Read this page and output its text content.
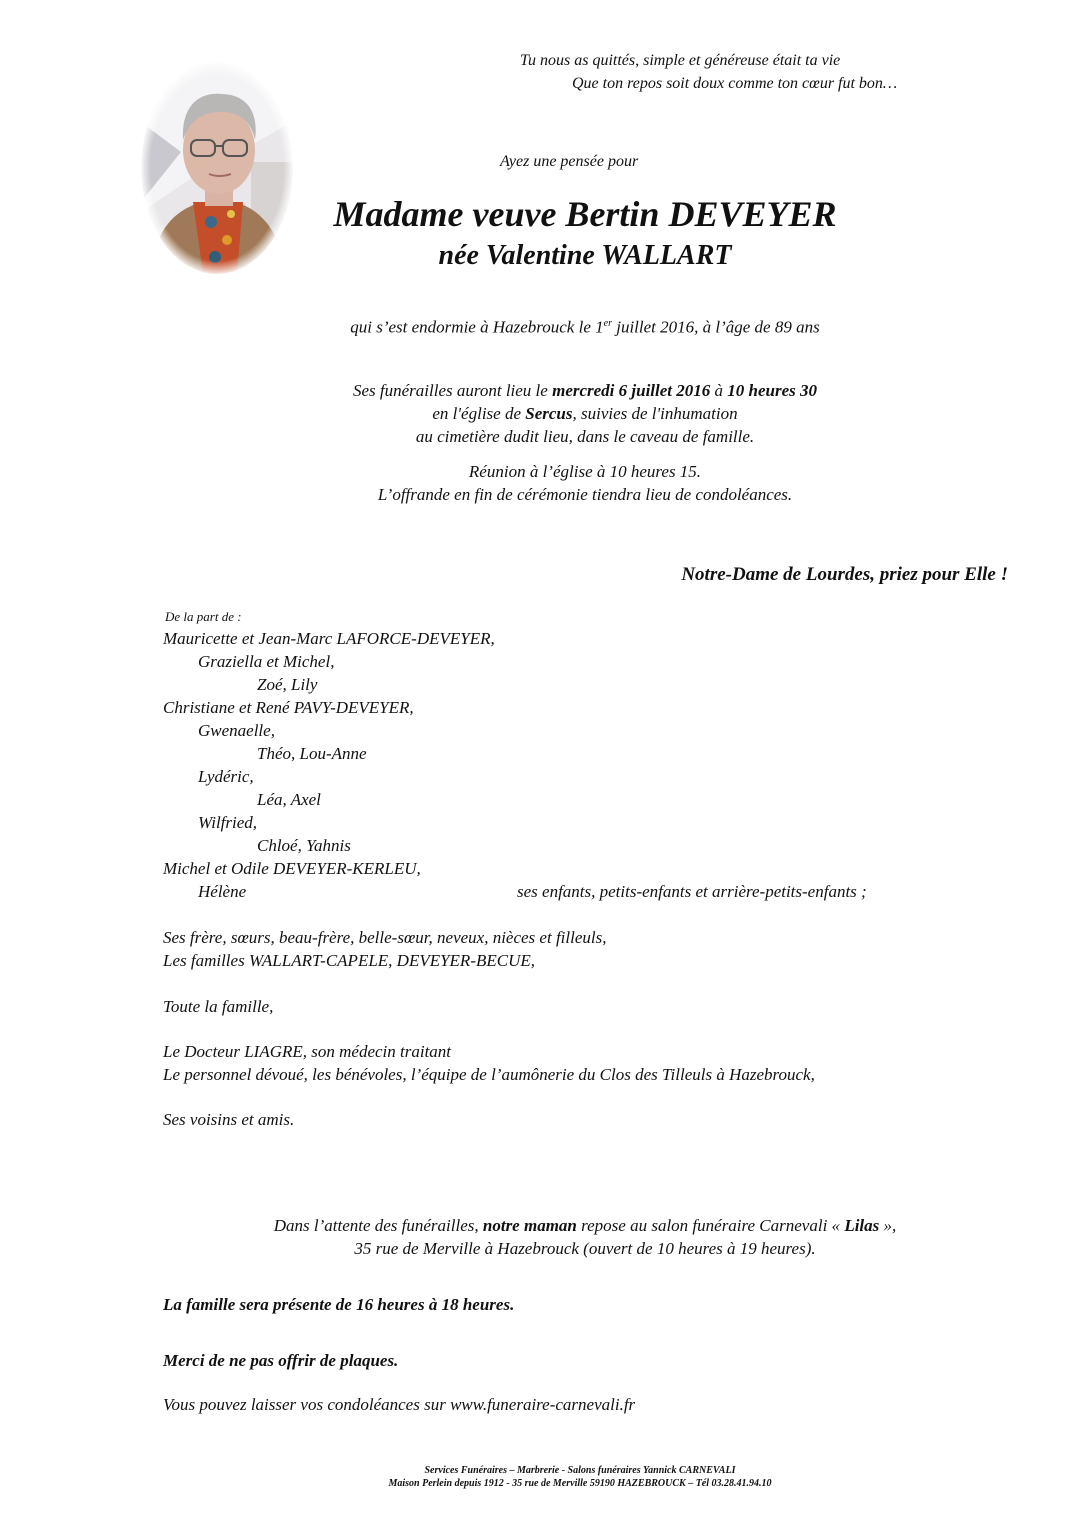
Tu nous as quittés, simple et généreuse était ta vie
Que ton repos soit doux comme ton cœur fut bon…
Ayez une pensée pour
Madame veuve Bertin DEVEYER
née Valentine WALLART
qui s’est endormie à Hazebrouck le 1er juillet 2016, à l’âge de 89 ans
Ses funérailles auront lieu le mercredi 6 juillet 2016 à 10 heures 30
en l'église de Sercus, suivies de l'inhumation
au cimetière dudit lieu, dans le caveau de famille.
Réunion à l’église à 10 heures 15.
L’offrande en fin de cérémonie tiendra lieu de condoléances.
Notre-Dame de Lourdes, priez pour Elle !
De la part de :
Mauricette et Jean-Marc LAFORCE-DEVEYER,
Graziella et Michel,
Zoé, Lily
Christiane et René PAVY-DEVEYER,
Gwenaelle,
Théo, Lou-Anne
Lydéric,
Léa, Axel
Wilfried,
Chloé, Yahnis
Michel et Odile DEVEYER-KERLEU,
Hélène	ses enfants, petits-enfants et arrière-petits-enfants ;
Ses frère, sœurs, beau-frère, belle-sœur, neveux, nièces et filleuls,
Les familles WALLART-CAPELE, DEVEYER-BECUE,
Toute la famille,
Le Docteur LIAGRE, son médecin traitant
Le personnel dévoué, les bénévoles, l’équipe de l’aumônerie du Clos des Tilleuls à Hazebrouck,
Ses voisins et amis.
Dans l’attente des funérailles, notre maman repose au salon funéraire Carnevali « Lilas »,
35 rue de Merville à Hazebrouck (ouvert de 10 heures à 19 heures).
La famille sera présente de 16 heures à 18 heures.
Merci de ne pas offrir de plaques.
Vous pouvez laisser vos condoléances sur www.funeraire-carnevali.fr
Services Funéraires – Marbrerie - Salons funéraires Yannick CARNEVALI
Maison Perlein depuis 1912 - 35 rue de Merville 59190 HAZEBROUCK – Tél 03.28.41.94.10
